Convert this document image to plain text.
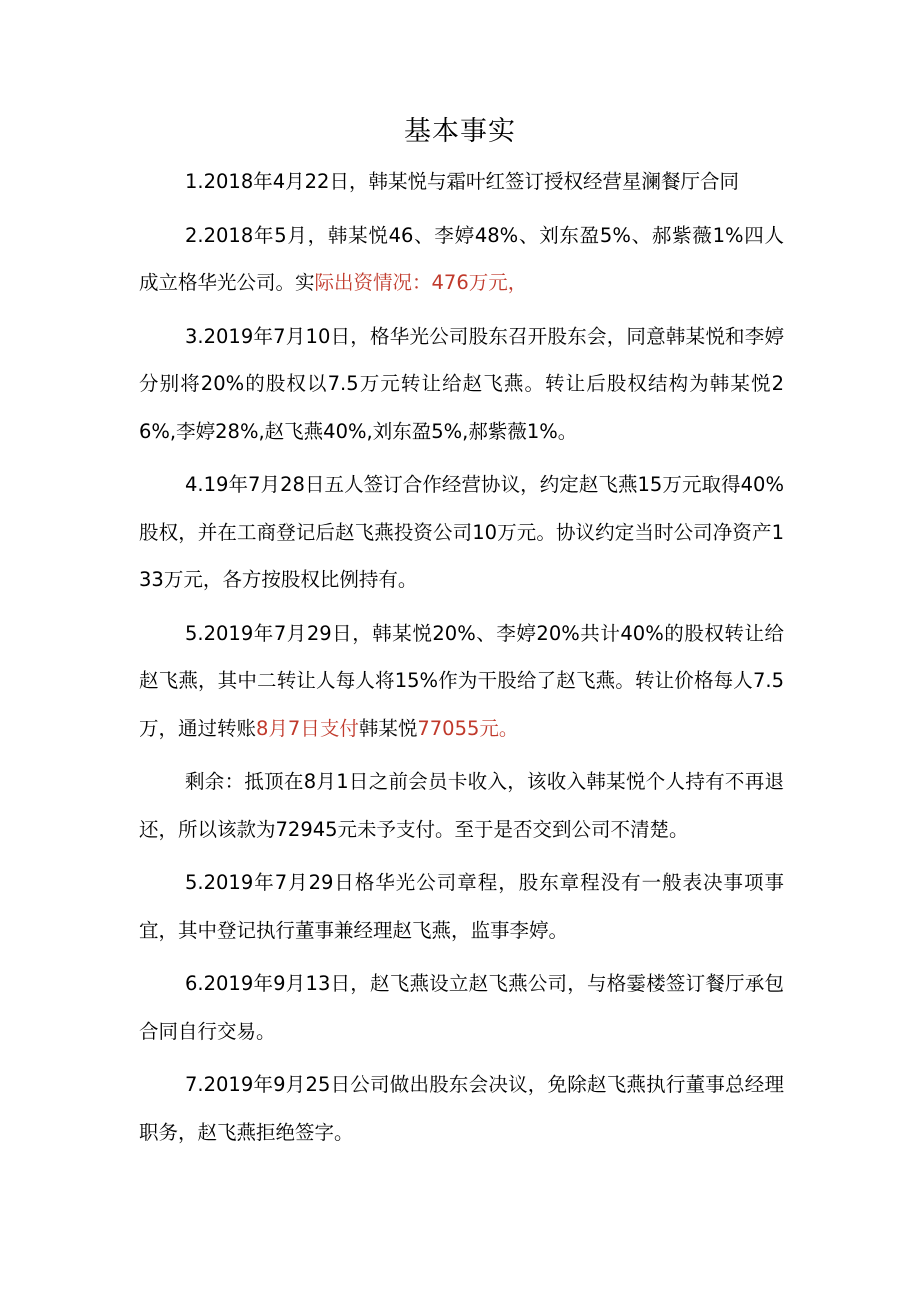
基本事实

1.2018年4月22日，韩某悦与霜叶红签订授权经营星澜餐厅合同

2.2018年5月，韩某悦46、李婷48%、刘东盈5%、郝紫薇1%四人成立格华光公司。实际出资情况：476万元，

3.2019年7月10日，格华光公司股东召开股东会，同意韩某悦和李婷分别将20%的股权以7.5万元转让给赵飞燕。转让后股权结构为韩某悦26%,李婷28%,赵飞燕40%,刘东盈5%,郝紫薇1%。

4.19年7月28日五人签订合作经营协议，约定赵飞燕15万元取得40%股权，并在工商登记后赵飞燕投资公司10万元。协议约定当时公司净资产133万元，各方按股权比例持有。

5.2019年7月29日，韩某悦20%、李婷20%共计40%的股权转让给赵飞燕，其中二转让人每人将15%作为干股给了赵飞燕。转让价格每人7.5万，通过转账8月7日支付韩某悦77055元。

剩余：抵顶在8月1日之前会员卡收入，该收入韩某悦个人持有不再退还，所以该款为72945元未予支付。至于是否交到公司不清楚。

5.2019年7月29日格华光公司章程，股东章程没有一般表决事项事宜，其中登记执行董事兼经理赵飞燕，监事李婷。

6.2019年9月13日，赵飞燕设立赵飞燕公司，与格霎楼签订餐厅承包合同自行交易。

7.2019年9月25日公司做出股东会决议，免除赵飞燕执行董事总经理职务，赵飞燕拒绝签字。
